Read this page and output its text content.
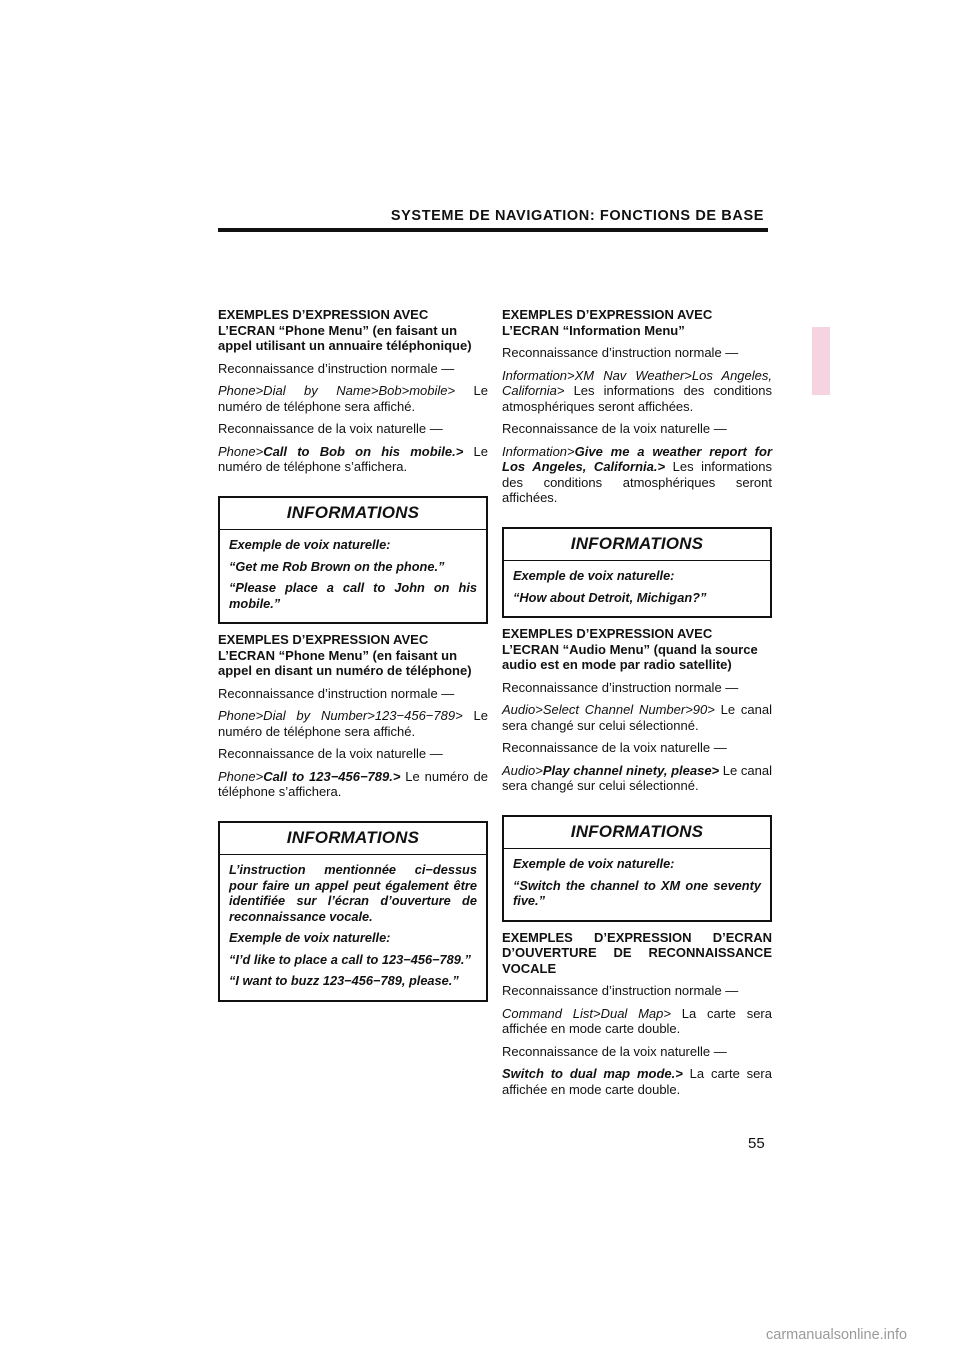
SYSTEME DE NAVIGATION: FONCTIONS DE BASE
EXEMPLES D’EXPRESSION AVEC L’ECRAN “Phone Menu” (en faisant un appel utilisant un annuaire téléphonique)
Reconnaissance d’instruction normale —
Phone>Dial by Name>Bob>mobile> Le numéro de téléphone sera affiché.
Reconnaissance de la voix naturelle —
Phone>Call to Bob on his mobile.> Le numéro de téléphone s’affichera.
INFORMATIONS

Exemple de voix naturelle:

“Get me Rob Brown on the phone.”

“Please place a call to John on his mobile.”

EXEMPLES D’EXPRESSION AVEC L’ECRAN “Phone Menu” (en faisant un appel en disant un numéro de téléphone)
Reconnaissance d’instruction normale —
Phone>Dial by Number>123−456−789> Le numéro de téléphone sera affiché.
Reconnaissance de la voix naturelle —
Phone>Call to 123−456−789.> Le numéro de téléphone s’affichera.
INFORMATIONS

L’instruction mentionnée ci−dessus pour faire un appel peut également être identifiée sur l’écran d’ouverture de reconnaissance vocale.

Exemple de voix naturelle:

“I’d like to place a call to 123−456−789.”

“I want to buzz 123−456−789, please.”

EXEMPLES D’EXPRESSION AVEC L’ECRAN “Information Menu”
Reconnaissance d’instruction normale —
Information>XM Nav Weather>Los Angeles, California> Les informations des conditions atmosphériques seront affichées.
Reconnaissance de la voix naturelle —
Information>Give me a weather report for Los Angeles, California.> Les informations des conditions atmosphériques seront affichées.
INFORMATIONS

Exemple de voix naturelle:

“How about Detroit, Michigan?”

EXEMPLES D’EXPRESSION AVEC L’ECRAN “Audio Menu” (quand la source audio est en mode par radio satellite)
Reconnaissance d’instruction normale —
Audio>Select Channel Number>90> Le canal sera changé sur celui sélectionné.
Reconnaissance de la voix naturelle —
Audio>Play channel ninety, please> Le canal sera changé sur celui sélectionné.
INFORMATIONS

Exemple de voix naturelle:

“Switch the channel to XM one seventy five.”

EXEMPLES D’EXPRESSION D’ECRAN D’OUVERTURE DE RECONNAISSANCE VOCALE
Reconnaissance d’instruction normale —
Command List>Dual Map> La carte sera affichée en mode carte double.
Reconnaissance de la voix naturelle —
Switch to dual map mode.> La carte sera affichée en mode carte double.
55
carmanualsonline.info
